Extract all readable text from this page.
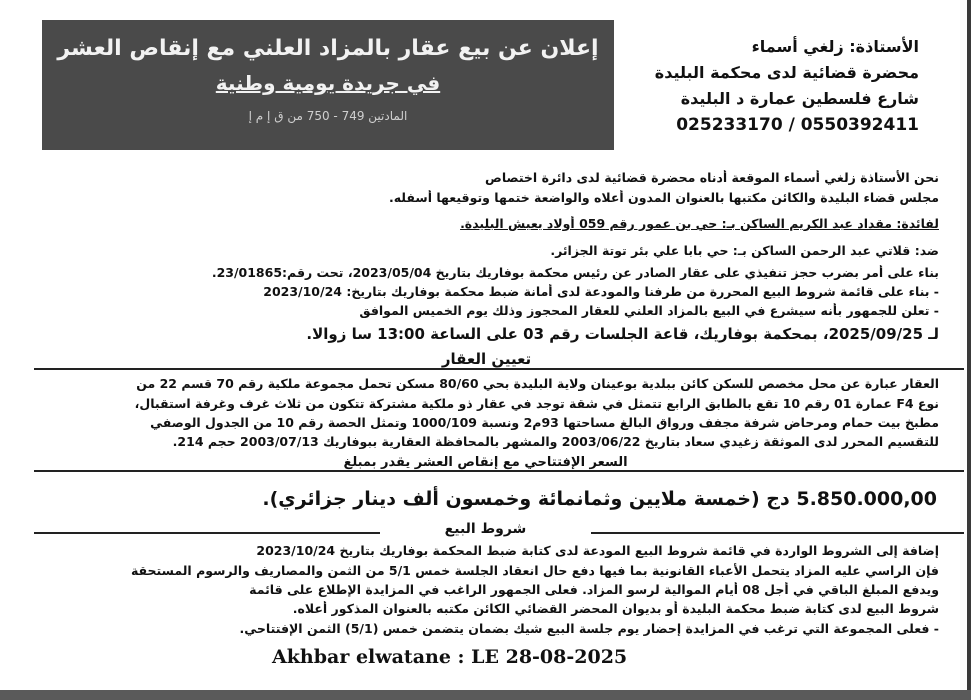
إعلان عن بيع عقار بالمزاد العلني مع إنقاص العشر
في جريدة يومية وطنية
المادتين 749 - 750 من ق إ م إ
الأستاذة: زلغي أسماء
محضرة قضائية لدى محكمة البليدة
شارع فلسطين عمارة د البليدة
025233170 / 0550392411
نحن الأستاذة زلغي أسماء الموقعة أدناه محضرة قضائية لدى دائرة اختصاص
مجلس قضاء البليدة والكائن مكتبها بالعنوان المدون أعلاه والواضعة ختمها وتوقيعها أسفله.
لفائدة: مقداد عبد الكريم الساكن بـ: حي بن عمور رقم 059 أولاد يعيش البليدة.
ضد: قلاتي عبد الرحمن الساكن بـ: حي بابا علي بئر توتة الجزائر.
بناء على أمر بضرب حجز تنفيذي على عقار الصادر عن رئيس محكمة بوفاريك بتاريخ 2023/05/04، تحت رقم:23/01865.
- بناء على قائمة شروط البيع المحررة من طرفنا والمودعة لدى أمانة ضبط محكمة بوفاريك بتاريخ: 2023/10/24
- تعلن للجمهور بأنه سيشرع في البيع بالمزاد العلني للعقار المحجوز وذلك يوم الخميس الموافق
لـ 2025/09/25، بمحكمة بوفاريك، قاعة الجلسات رقم 03 على الساعة 13:00 سا زوالا.
تعيين العقار
العقار عبارة عن محل مخصص للسكن كائن ببلدية بوعينان ولاية البليدة بحي 80/60 مسكن تحمل مجموعة ملكية رقم 70 قسم 22 من
نوع F4 عمارة 01 رقم 10 تقع بالطابق الرابع تتمثل في شقة توجد في عقار ذو ملكية مشتركة تتكون من ثلاث غرف وغرفة استقبال،
مطبخ بيت حمام ومرحاض شرفة مجفف ورواق البالغ مساحتها 93م2 ونسبة 1000/109 وتمثل الحصة رقم 10 من الجدول الوصفي
للتقسيم المحرر لدى الموثقة زغيدي سعاد بتاريخ 2003/06/22 والمشهر بالمحافظة العقارية ببوفاريك 2003/07/13 حجم 214.
السعر الإفتتاحي مع إنقاص العشر يقدر بمبلغ
5.850.000,00 دج (خمسة ملايين وثمانمائة وخمسون ألف دينار جزائري).
شروط البيع
إضافة إلى الشروط الواردة في قائمة شروط البيع المودعة لدى كتابة ضبط المحكمة بوفاريك بتاريخ 2023/10/24
فإن الراسي عليه المزاد يتحمل الأعباء القانونية بما فيها دفع حال انعقاد الجلسة خمس 5/1 من الثمن والمصاريف والرسوم المستحقة
ويدفع المبلغ الباقي في أجل 08 أيام الموالية لرسو المزاد. فعلى الجمهور الراغب في المزايدة الإطلاع على قائمة
شروط البيع لدى كتابة ضبط محكمة البليدة أو بديوان المحضر القضائي الكائن مكتبه بالعنوان المذكور أعلاه.
- فعلى المجموعة التي ترغب في المزايدة إحضار يوم جلسة البيع شيك بضمان يتضمن خمس (5/1) الثمن الإفتتاحي.
Akhbar elwatane : LE 28-08-2025
